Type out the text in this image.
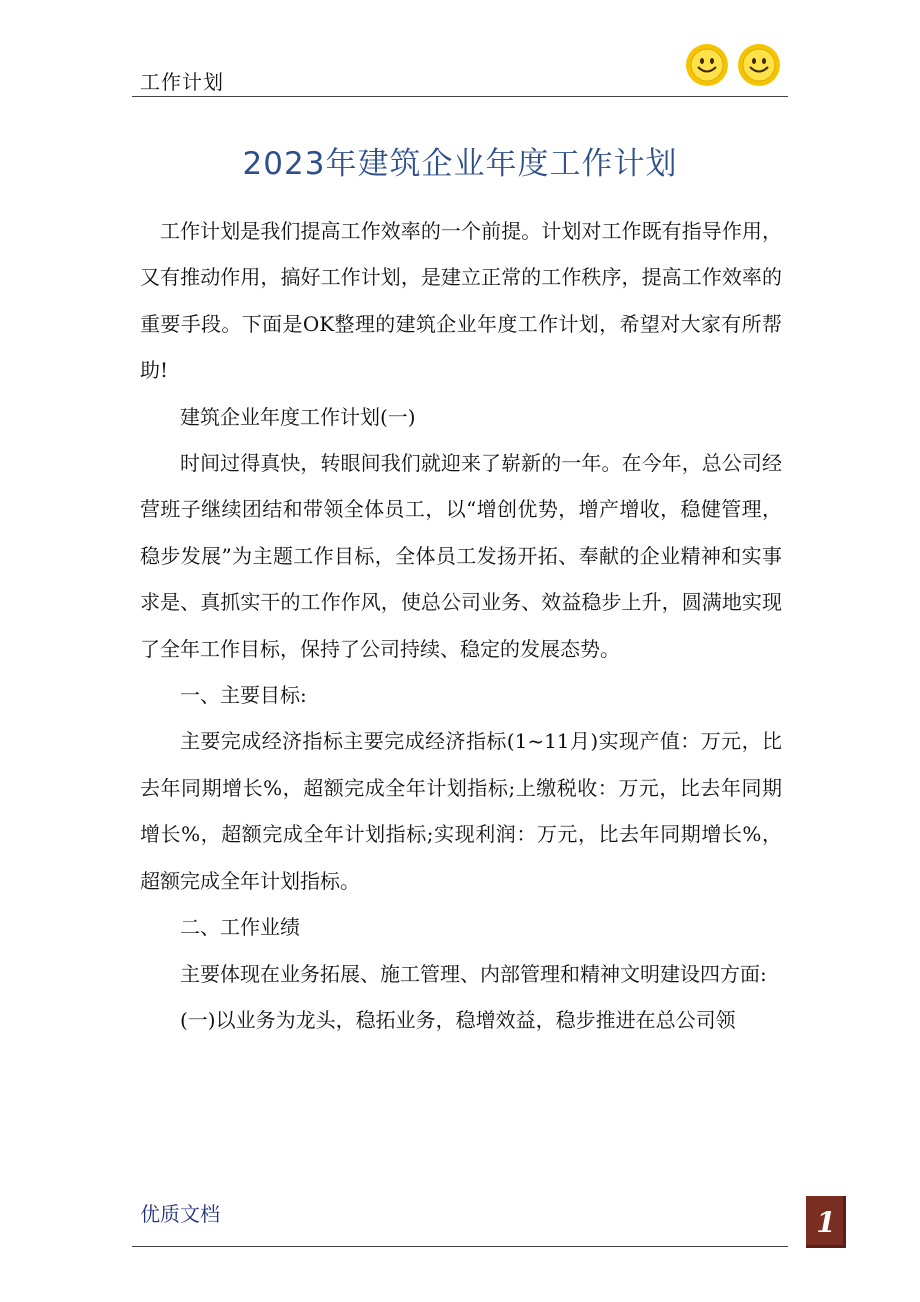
工作计划
2023年建筑企业年度工作计划

工作计划是我们提高工作效率的一个前提。计划对工作既有指导作用，又有推动作用，搞好工作计划，是建立正常的工作秩序，提高工作效率的重要手段。下面是OK整理的建筑企业年度工作计划，希望对大家有所帮助!

建筑企业年度工作计划(一)

时间过得真快，转眼间我们就迎来了崭新的一年。在今年，总公司经营班子继续团结和带领全体员工，以“增创优势，增产增收，稳健管理，稳步发展”为主题工作目标，全体员工发扬开拓、奉献的企业精神和实事求是、真抓实干的工作作风，使总公司业务、效益稳步上升，圆满地实现了全年工作目标，保持了公司持续、稳定的发展态势。

一、主要目标:

主要完成经济指标主要完成经济指标(1~11月)实现产值：万元，比去年同期增长%，超额完成全年计划指标;上缴税收：万元，比去年同期增长%，超额完成全年计划指标;实现利润：万元，比去年同期增长%，超额完成全年计划指标。

二、工作业绩

主要体现在业务拓展、施工管理、内部管理和精神文明建设四方面:

(一)以业务为龙头，稳拓业务，稳增效益，稳步推进在总公司领

优质文档	1
